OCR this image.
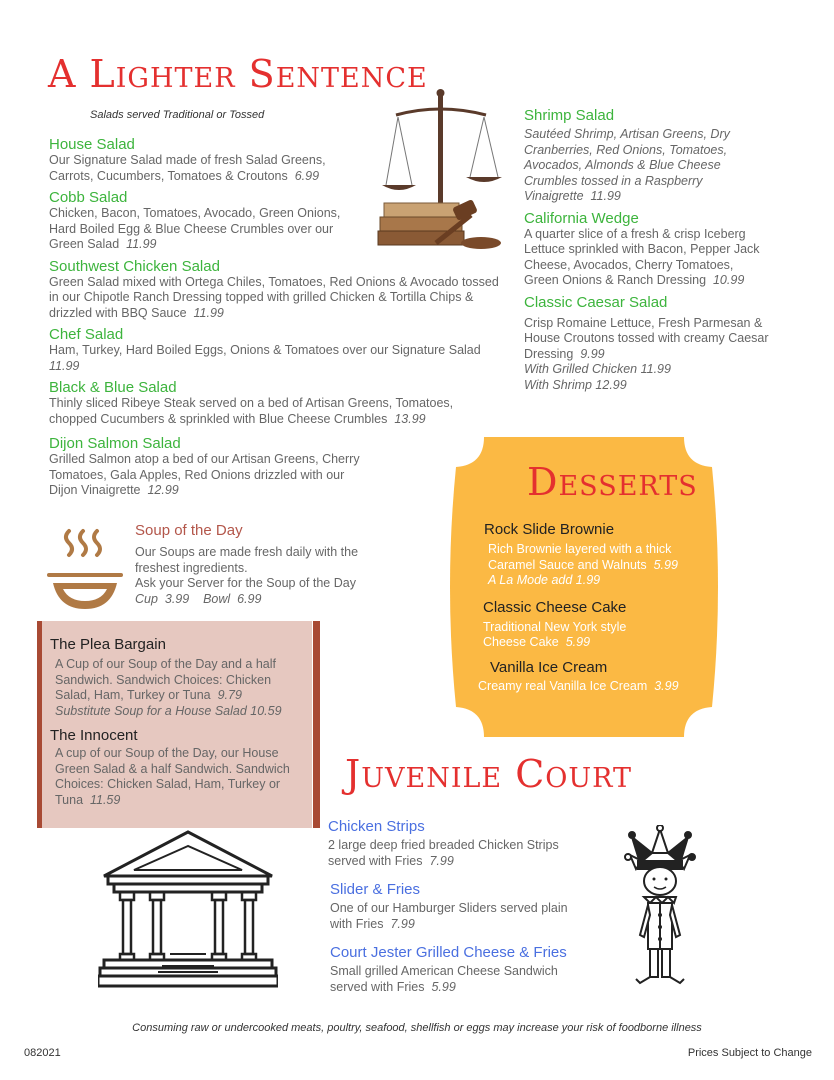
A Lighter Sentence
Salads served Traditional or Tossed

House Salad

Our Signature Salad made of fresh Salad Greens, Carrots, Cucumbers, Tomatoes & Croutons 6.99

Cobb Salad

Chicken, Bacon, Tomatoes, Avocado, Green Onions, Hard Boiled Egg & Blue Cheese Crumbles over our Green Salad 11.99

Southwest Chicken Salad

Green Salad mixed with Ortega Chiles, Tomatoes, Red Onions & Avocado tossed in our Chipotle Ranch Dressing topped with grilled Chicken & Tortilla Chips & drizzled with BBQ Sauce 11.99

Chef Salad

Ham, Turkey, Hard Boiled Eggs, Onions & Tomatoes over our Signature Salad  11.99

Black & Blue Salad

Thinly sliced Ribeye Steak served on a bed of Artisan Greens, Tomatoes, chopped Cucumbers & sprinkled with Blue Cheese Crumbles 13.99

Dijon Salmon Salad

Grilled Salmon atop a bed of our Artisan Greens, Cherry Tomatoes, Gala Apples, Red Onions drizzled with our Dijon Vinaigrette 12.99

Shrimp Salad

Sautéed Shrimp, Artisan Greens, Dry Cranberries, Red Onions, Tomatoes, Avocados, Almonds & Blue Cheese Crumbles tossed in a Raspberry Vinaigrette 11.99

California Wedge

A quarter slice of a fresh & crisp Iceberg Lettuce sprinkled with Bacon, Pepper Jack Cheese, Avocados, Cherry Tomatoes, Green Onions & Ranch Dressing 10.99

Classic Caesar Salad

Crisp Romaine Lettuce, Fresh Parmesan & House Croutons tossed with creamy Caesar Dressing 9.99

With Grilled Chicken 11.99

With Shrimp 12.99

Soup of the Day

Our Soups are made fresh daily with the freshest ingredients.

Ask your Server for the Soup of the Day

Cup  3.99    Bowl  6.99

The Plea Bargain

A Cup of our Soup of the Day and a half Sandwich. Sandwich Choices: Chicken Salad, Ham, Turkey or Tuna 9.79

Substitute Soup for a House Salad 10.59

The Innocent

A cup of our Soup of the Day, our House Green Salad & a half Sandwich. Sandwich Choices: Chicken Salad, Ham, Turkey or Tuna 11.59

Desserts

Rock Slide Brownie

Rich Brownie layered with a thick Caramel Sauce and Walnuts 5.99

A La Mode add 1.99

Classic Cheese Cake

Traditional New York style Cheese Cake 5.99

Vanilla Ice Cream

Creamy real Vanilla Ice Cream 3.99

Juvenile Court

Chicken Strips

2 large deep fried breaded Chicken Strips served with Fries 7.99

Slider & Fries

One of our Hamburger Sliders served plain with Fries 7.99

Court Jester Grilled Cheese & Fries

Small grilled American Cheese Sandwich served with Fries 5.99

Consuming raw or undercooked meats, poultry, seafood, shellfish or eggs may increase your risk of foodborne illness
082021	Prices Subject to Change
